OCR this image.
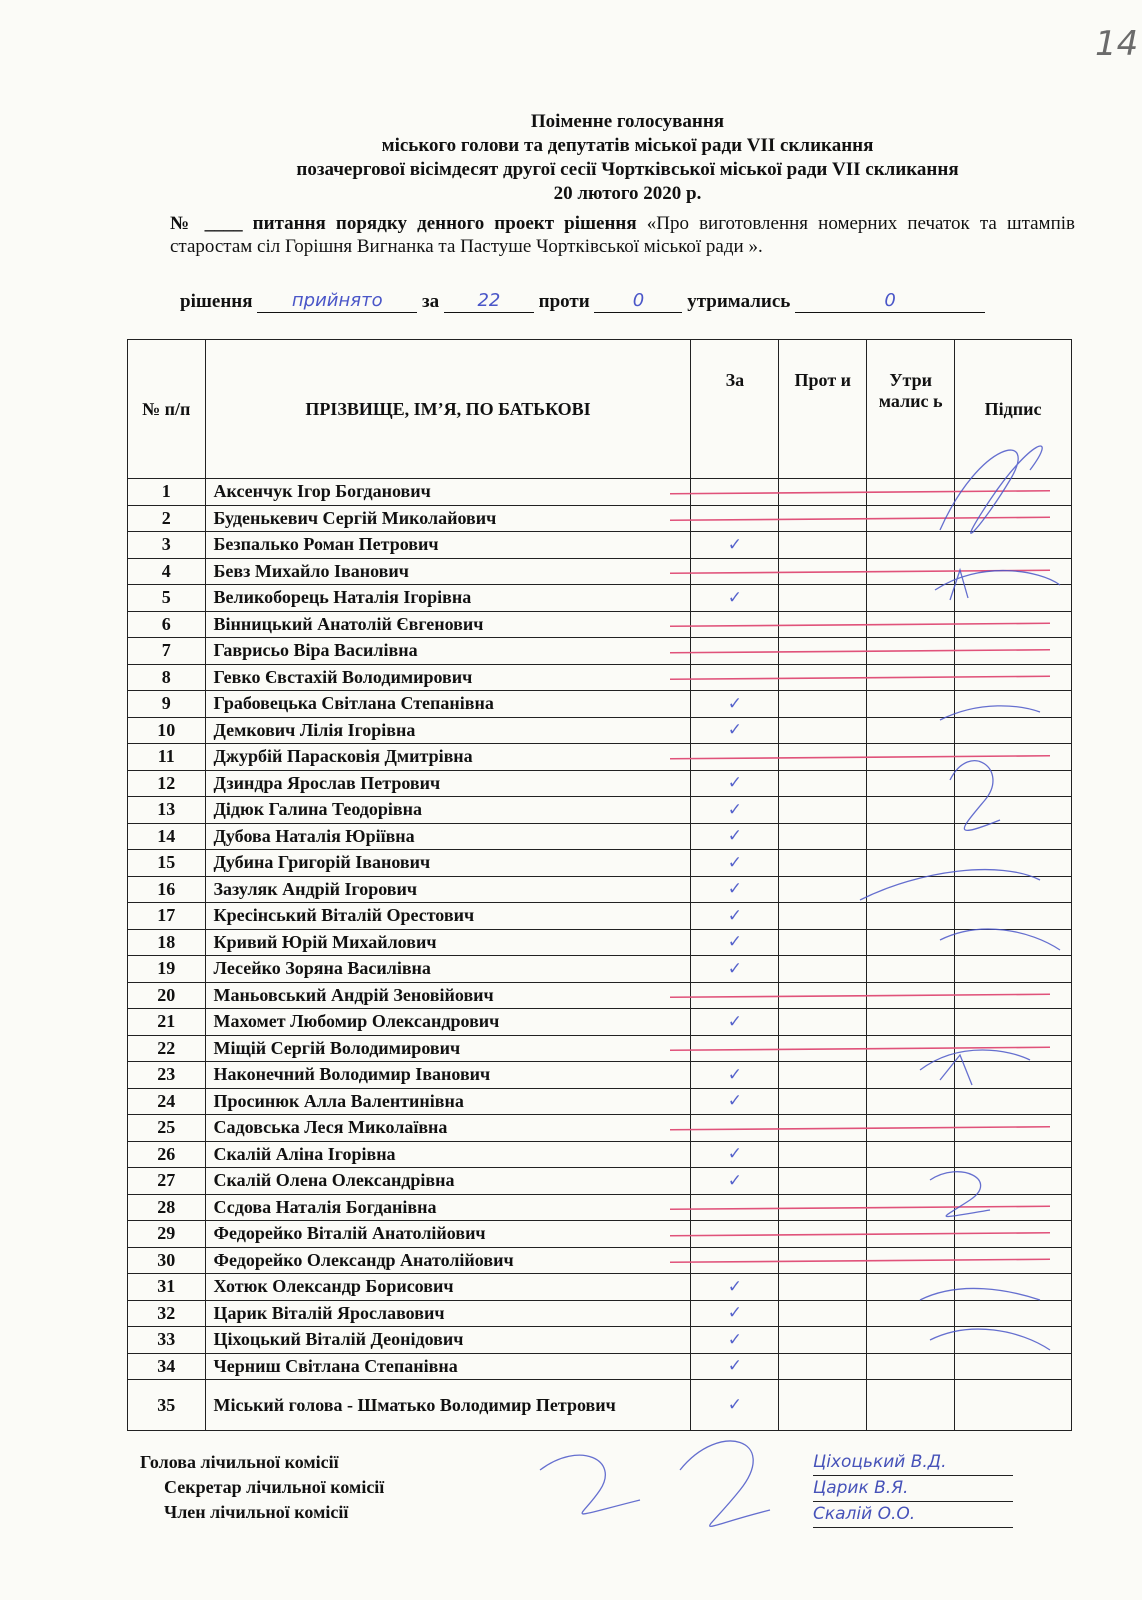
14
Поіменне голосування
міського голови та депутатів міської ради VII скликання
позачергової вісімдесят другої сесії Чортківської міської ради VII скликання
20 лютого 2020 р.
№ ____ питання порядку денного проект рішення «Про виготовлення номерних печаток та штампів старостам сіл Горішня Вигнанка та Пастуше Чортківської міської ради ».
рішення прийнято за 22 проти 0 утримались	0
№ п/п	ПРІЗВИЩЕ, ІМ’Я, ПО БАТЬКОВІ	За	Прот и	Утри малис ь	Підпис
1	Аксенчук Ігор Богданович				
2	Буденькевич Сергій Миколайович				
3	Безпалько Роман Петрович	✓			
4	Бевз Михайло Іванович				
5	Великоборець Наталія Ігорівна	✓			
6	Вінницький Анатолій Євгенович				
7	Гаврисьо Віра Василівна				
8	Гевко Євстахій Володимирович				
9	Грабовецька Світлана Степанівна	✓			
10	Демкович Лілія Ігорівна	✓			
11	Джурбій Парасковія Дмитрівна				
12	Дзиндра Ярослав Петрович	✓			
13	Дідюк Галина Теодорівна	✓			
14	Дубова Наталія Юріївна	✓			
15	Дубина Григорій Іванович	✓			
16	Зазуляк Андрій Ігорович	✓			
17	Кресінський Віталій Орестович	✓			
18	Кривий Юрій Михайлович	✓			
19	Лесейко Зоряна Василівна	✓			
20	Маньовський Андрій Зеновійович				
21	Махомет Любомир Олександрович	✓			
22	Міщій Сергій Володимирович				
23	Наконечний Володимир Іванович	✓			
24	Просинюк Алла Валентинівна	✓			
25	Садовська Леся Миколаївна				
26	Скалій Аліна Ігорівна	✓			
27	Скалій Олена Олександрівна	✓			
28	Ссдова Наталія Богданівна				
29	Федорейко Віталій Анатолійович				
30	Федорейко Олександр Анатолійович				
31	Хотюк Олександр Борисович	✓			
32	Царик Віталій Ярославович	✓			
33	Ціхоцький Віталій Деонідович	✓			
34	Черниш Світлана Степанівна	✓			
35	Міський голова - Шматько Володимир Петрович	✓			
Голова лічильної комісії
Секретар лічильної комісії
Член лічильної комісії
Ціхоцький В.Д.
Царик В.Я.
Скалій О.О.
